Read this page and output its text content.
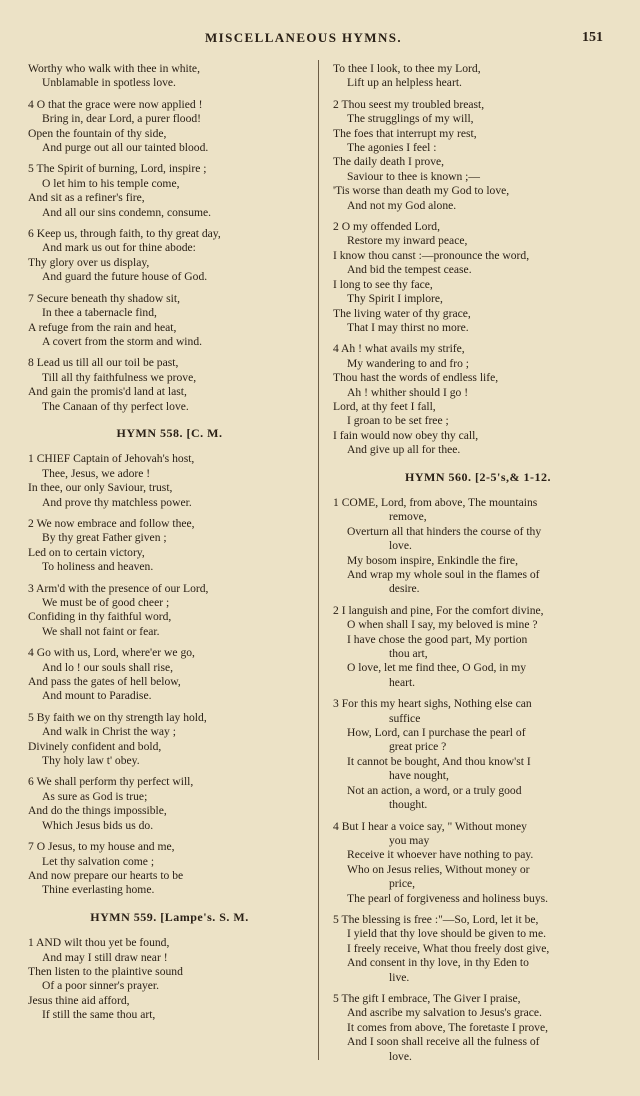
MISCELLANEOUS HYMNS.	151
Worthy who walk with thee in white,
Unblamable in spotless love.
4 O that the grace were now applied !
Bring in, dear Lord, a purer flood!
Open the fountain of thy side,
And purge out all our tainted blood.
5 The Spirit of burning, Lord, inspire ;
O let him to his temple come,
And sit as a refiner's fire,
And all our sins condemn, consume.
6 Keep us, through faith, to thy great day,
And mark us out for thine abode:
Thy glory over us display,
And guard the future house of God.
7 Secure beneath thy shadow sit,
In thee a tabernacle find,
A refuge from the rain and heat,
A covert from the storm and wind.
8 Lead us till all our toil be past,
Till all thy faithfulness we prove,
And gain the promis'd land at last,
The Canaan of thy perfect love.
HYMN 558. [C. M.
1 CHIEF Captain of Jehovah's host,
Thee, Jesus, we adore !
In thee, our only Saviour, trust,
And prove thy matchless power.
2 We now embrace and follow thee,
By thy great Father given ;
Led on to certain victory,
To holiness and heaven.
3 Arm'd with the presence of our Lord,
We must be of good cheer ;
Confiding in thy faithful word,
We shall not faint or fear.
4 Go with us, Lord, where'er we go,
And lo ! our souls shall rise,
And pass the gates of hell below,
And mount to Paradise.
5 By faith we on thy strength lay hold,
And walk in Christ the way ;
Divinely confident and bold,
Thy holy law t' obey.
6 We shall perform thy perfect will,
As sure as God is true;
And do the things impossible,
Which Jesus bids us do.
7 O Jesus, to my house and me,
Let thy salvation come ;
And now prepare our hearts to be
Thine everlasting home.
HYMN 559. [Lampe's. S. M.
1 AND wilt thou yet be found,
And may I still draw near !
Then listen to the plaintive sound
Of a poor sinner's prayer.
Jesus thine aid afford,
If still the same thou art,
To thee I look, to thee my Lord,
Lift up an helpless heart.
2 Thou seest my troubled breast,
The strugglings of my will,
The foes that interrupt my rest,
The agonies I feel :
The daily death I prove,
Saviour to thee is known ;—
'Tis worse than death my God to love,
And not my God alone.
2 O my offended Lord,
Restore my inward peace,
I know thou canst :—pronounce the word,
And bid the tempest cease.
I long to see thy face,
Thy Spirit I implore,
The living water of thy grace,
That I may thirst no more.
4 Ah ! what avails my strife,
My wandering to and fro ;
Thou hast the words of endless life,
Ah ! whither should I go !
Lord, at thy feet I fall,
I groan to be set free ;
I fain would now obey thy call,
And give up all for thee.
HYMN 560. [2-5's,& 1-12.
1 COME, Lord, from above, The mountains
remove,
Overturn all that hinders the course of thy
love.
My bosom inspire, Enkindle the fire,
And wrap my whole soul in the flames of
desire.
2 I languish and pine, For the comfort divine,
O when shall I say, my beloved is mine ?
I have chose the good part, My portion
thou art,
O love, let me find thee, O God, in my
heart.
3 For this my heart sighs, Nothing else can
suffice
How, Lord, can I purchase the pearl of
great price ?
It cannot be bought, And thou know'st I
have nought,
Not an action, a word, or a truly good
thought.
4 But I hear a voice say, " Without money
you may
Receive it whoever have nothing to pay.
Who on Jesus relies, Without money or
price,
The pearl of forgiveness and holiness buys.
5 The blessing is free :"—So, Lord, let it be,
I yield that thy love should be given to me.
I freely receive, What thou freely dost give,
And consent in thy love, in thy Eden to
live.
5 The gift I embrace, The Giver I praise,
And ascribe my salvation to Jesus's grace.
It comes from above, The foretaste I prove,
And I soon shall receive all the fulness of
love.
